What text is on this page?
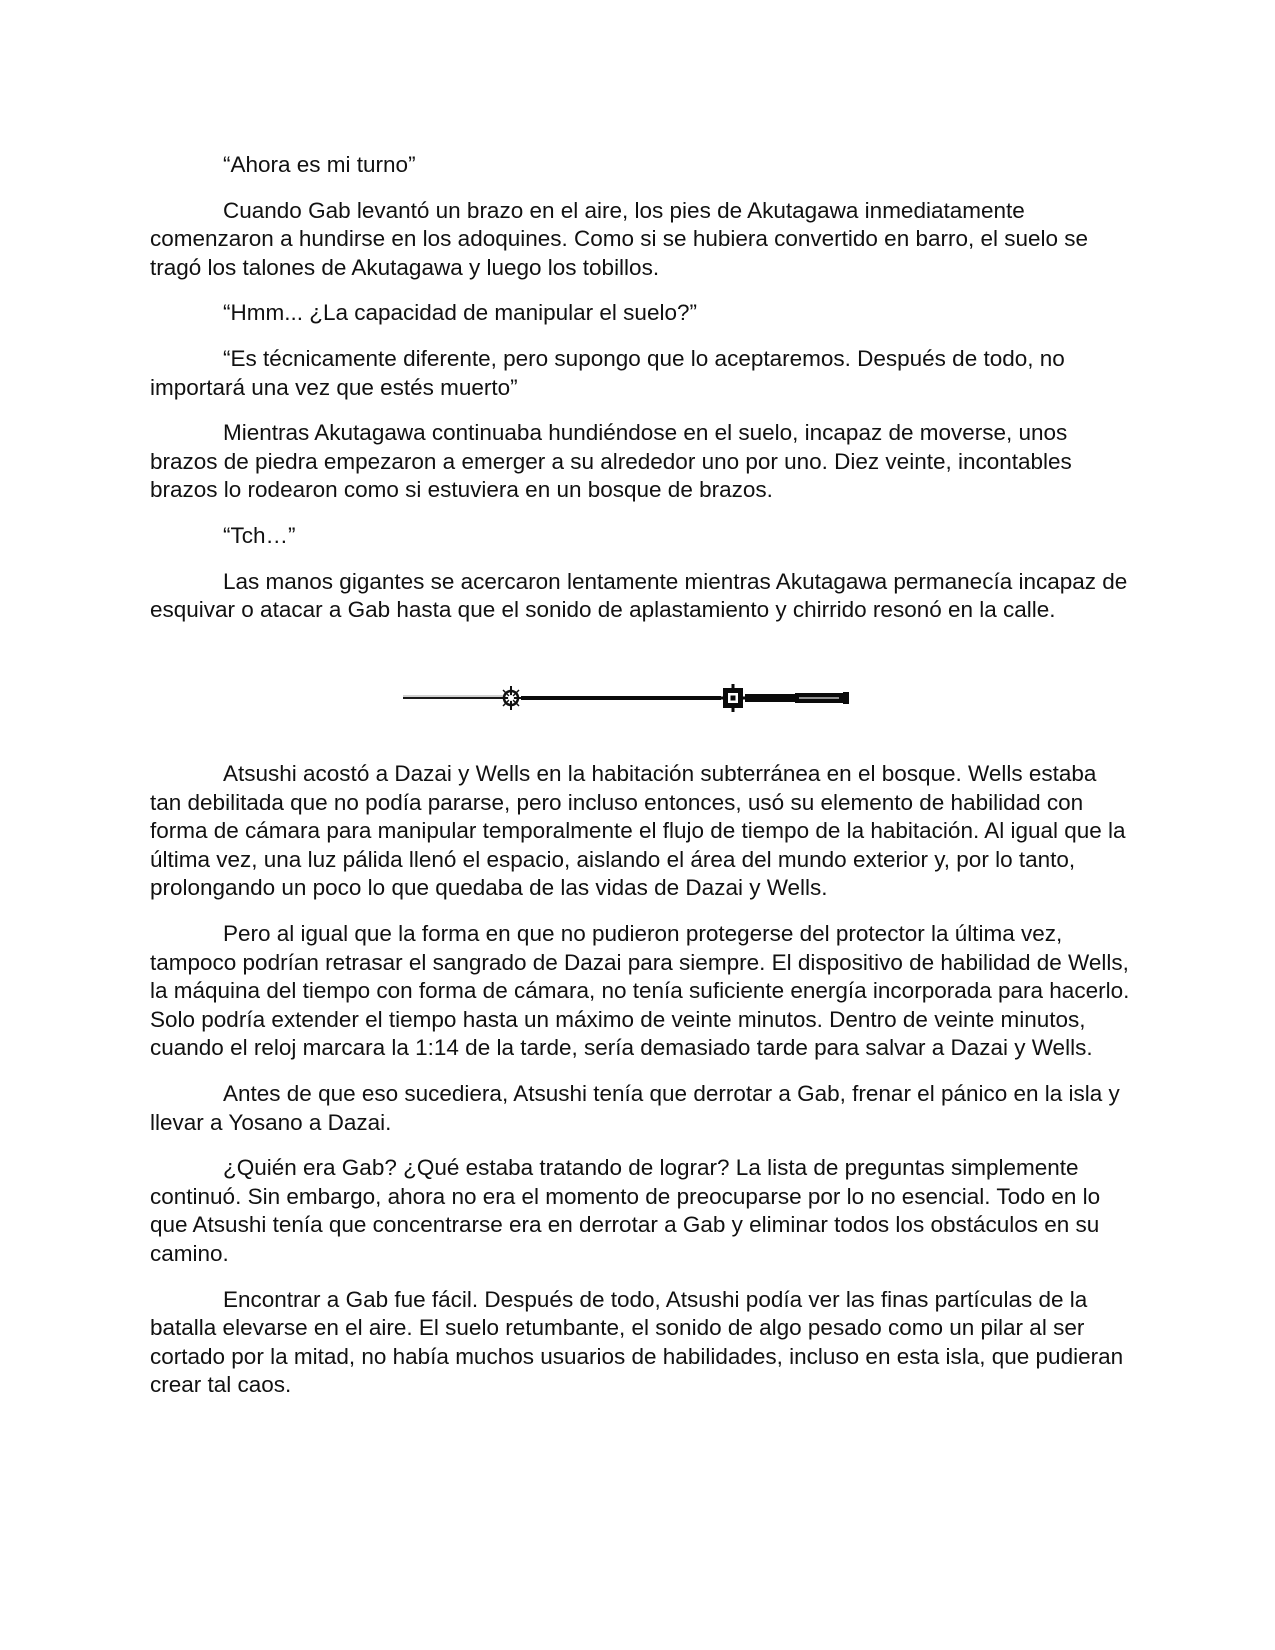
“Ahora es mi turno”

Cuando Gab levantó un brazo en el aire, los pies de Akutagawa inmediatamente comenzaron a hundirse en los adoquines. Como si se hubiera convertido en barro, el suelo se tragó los talones de Akutagawa y luego los tobillos.

“Hmm... ¿La capacidad de manipular el suelo?”

“Es técnicamente diferente, pero supongo que lo aceptaremos. Después de todo, no importará una vez que estés muerto”

Mientras Akutagawa continuaba hundiéndose en el suelo, incapaz de moverse, unos brazos de piedra empezaron a emerger a su alrededor uno por uno. Diez veinte, incontables brazos lo rodearon como si estuviera en un bosque de brazos.

“Tch…”

Las manos gigantes se acercaron lentamente mientras Akutagawa permanecía incapaz de esquivar o atacar a Gab hasta que el sonido de aplastamiento y chirrido resonó en la calle.

Atsushi acostó a Dazai y Wells en la habitación subterránea en el bosque. Wells estaba tan debilitada que no podía pararse, pero incluso entonces, usó su elemento de habilidad con forma de cámara para manipular temporalmente el flujo de tiempo de la habitación. Al igual que la última vez, una luz pálida llenó el espacio, aislando el área del mundo exterior y, por lo tanto, prolongando un poco lo que quedaba de las vidas de Dazai y Wells.

Pero al igual que la forma en que no pudieron protegerse del protector la última vez, tampoco podrían retrasar el sangrado de Dazai para siempre. El dispositivo de habilidad de Wells, la máquina del tiempo con forma de cámara, no tenía suficiente energía incorporada para hacerlo. Solo podría extender el tiempo hasta un máximo de veinte minutos. Dentro de veinte minutos, cuando el reloj marcara la 1:14 de la tarde, sería demasiado tarde para salvar a Dazai y Wells.

Antes de que eso sucediera, Atsushi tenía que derrotar a Gab, frenar el pánico en la isla y llevar a Yosano a Dazai.

¿Quién era Gab? ¿Qué estaba tratando de lograr? La lista de preguntas simplemente continuó. Sin embargo, ahora no era el momento de preocuparse por lo no esencial. Todo en lo que Atsushi tenía que concentrarse era en derrotar a Gab y eliminar todos los obstáculos en su camino.

Encontrar a Gab fue fácil. Después de todo, Atsushi podía ver las finas partículas de la batalla elevarse en el aire. El suelo retumbante, el sonido de algo pesado como un pilar al ser cortado por la mitad, no había muchos usuarios de habilidades, incluso en esta isla, que pudieran crear tal caos.
